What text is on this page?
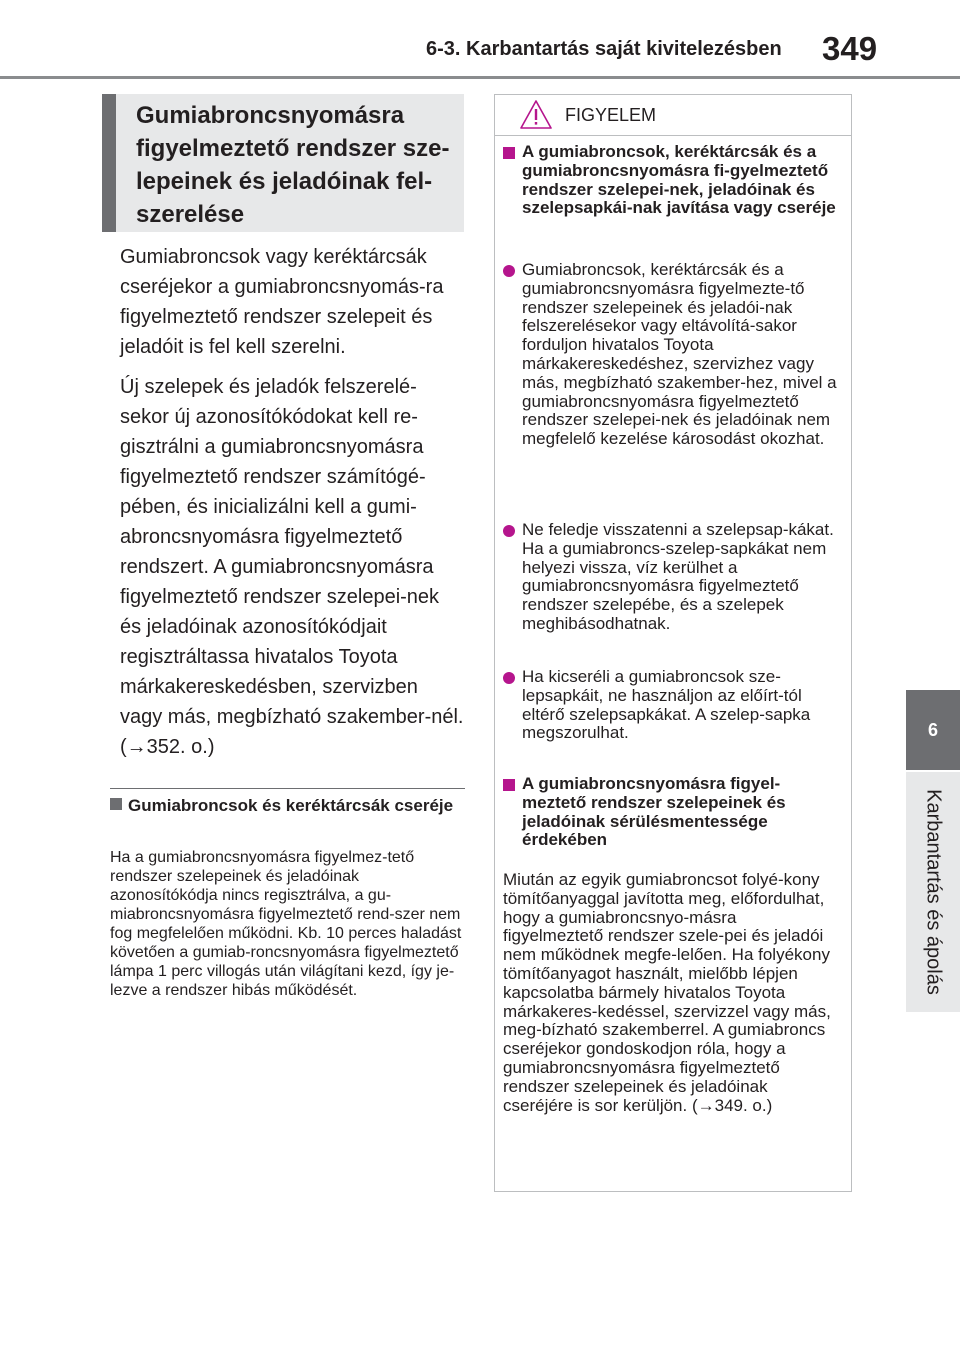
6-3. Karbantartás saját kivitelezésben 349
6
Karbantartás és ápolás
Gumiabroncsnyomásra figyelmeztető rendszer sze-lepeinek és jeladóinak fel-szerelése
Gumiabroncsok vagy keréktárcsák cseréjekor a gumiabroncsnyomás-ra figyelmeztető rendszer szelepeit és jeladóit is fel kell szerelni.
Új szelepek és jeladók felszerelé-sekor új azonosítókódokat kell re-gisztrálni a gumiabroncsnyomásra figyelmeztető rendszer számítógé-pében, és inicializálni kell a gumi-abroncsnyomásra figyelmeztető rendszert. A gumiabroncsnyomásra figyelmeztető rendszer szelepei-nek és jeladóinak azonosítókódjait regisztráltassa hivatalos Toyota márkakereskedésben, szervizben vagy más, megbízható szakember-nél. (→352. o.)
Gumiabroncsok és keréktárcsák cseréje
Ha a gumiabroncsnyomásra figyelmez-tető rendszer szelepeinek és jeladóinak azonosítókódja nincs regisztrálva, a gu-miabroncsnyomásra figyelmeztető rend-szer nem fog megfelelően működni. Kb. 10 perces haladást követően a gumiab-roncsnyomásra figyelmeztető lámpa 1 perc villogás után világítani kezd, így je-lezve a rendszer hibás működését.
FIGYELEM
A gumiabroncsok, keréktárcsák és a gumiabroncsnyomásra fi-gyelmeztető rendszer szelepei-nek, jeladóinak és szelepsapkái-nak javítása vagy cseréje
Gumiabroncsok, keréktárcsák és a gumiabroncsnyomásra figyelmezte-tő rendszer szelepeinek és jeladói-nak felszerelésekor vagy eltávolítá-sakor forduljon hivatalos Toyota márkakereskedéshez, szervizhez vagy más, megbízható szakember-hez, mivel a gumiabroncsnyomásra figyelmeztető rendszer szelepei-nek és jeladóinak nem megfelelő kezelése károsodást okozhat.
Ne feledje visszatenni a szelepsap-kákat. Ha a gumiabroncs-szelep-sapkákat nem helyezi vissza, víz kerülhet a gumiabroncsnyomásra figyelmeztető rendszer szelepébe, és a szelepek meghibásodhatnak.
Ha kicseréli a gumiabroncsok sze-lepsapkáit, ne használjon az előírt-tól eltérő szelepsapkákat. A szelep-sapka megszorulhat.
A gumiabroncsnyomásra figyel-meztető rendszer szelepeinek és jeladóinak sérülésmentessége érdekében
Miután az egyik gumiabroncsot folyé-kony tömítőanyaggal javította meg, előfordulhat, hogy a gumiabroncsnyo-másra figyelmeztető rendszer szele-pei és jeladói nem működnek megfe-lelően. Ha folyékony tömítőanyagot használt, mielőbb lépjen kapcsolatba bármely hivatalos Toyota márkakeres-kedéssel, szervizzel vagy más, meg-bízható szakemberrel. A gumiabroncs cseréjekor gondoskodjon róla, hogy a gumiabroncsnyomásra figyelmeztető rendszer szelepeinek és jeladóinak cseréjére is sor kerüljön. (→349. o.)
